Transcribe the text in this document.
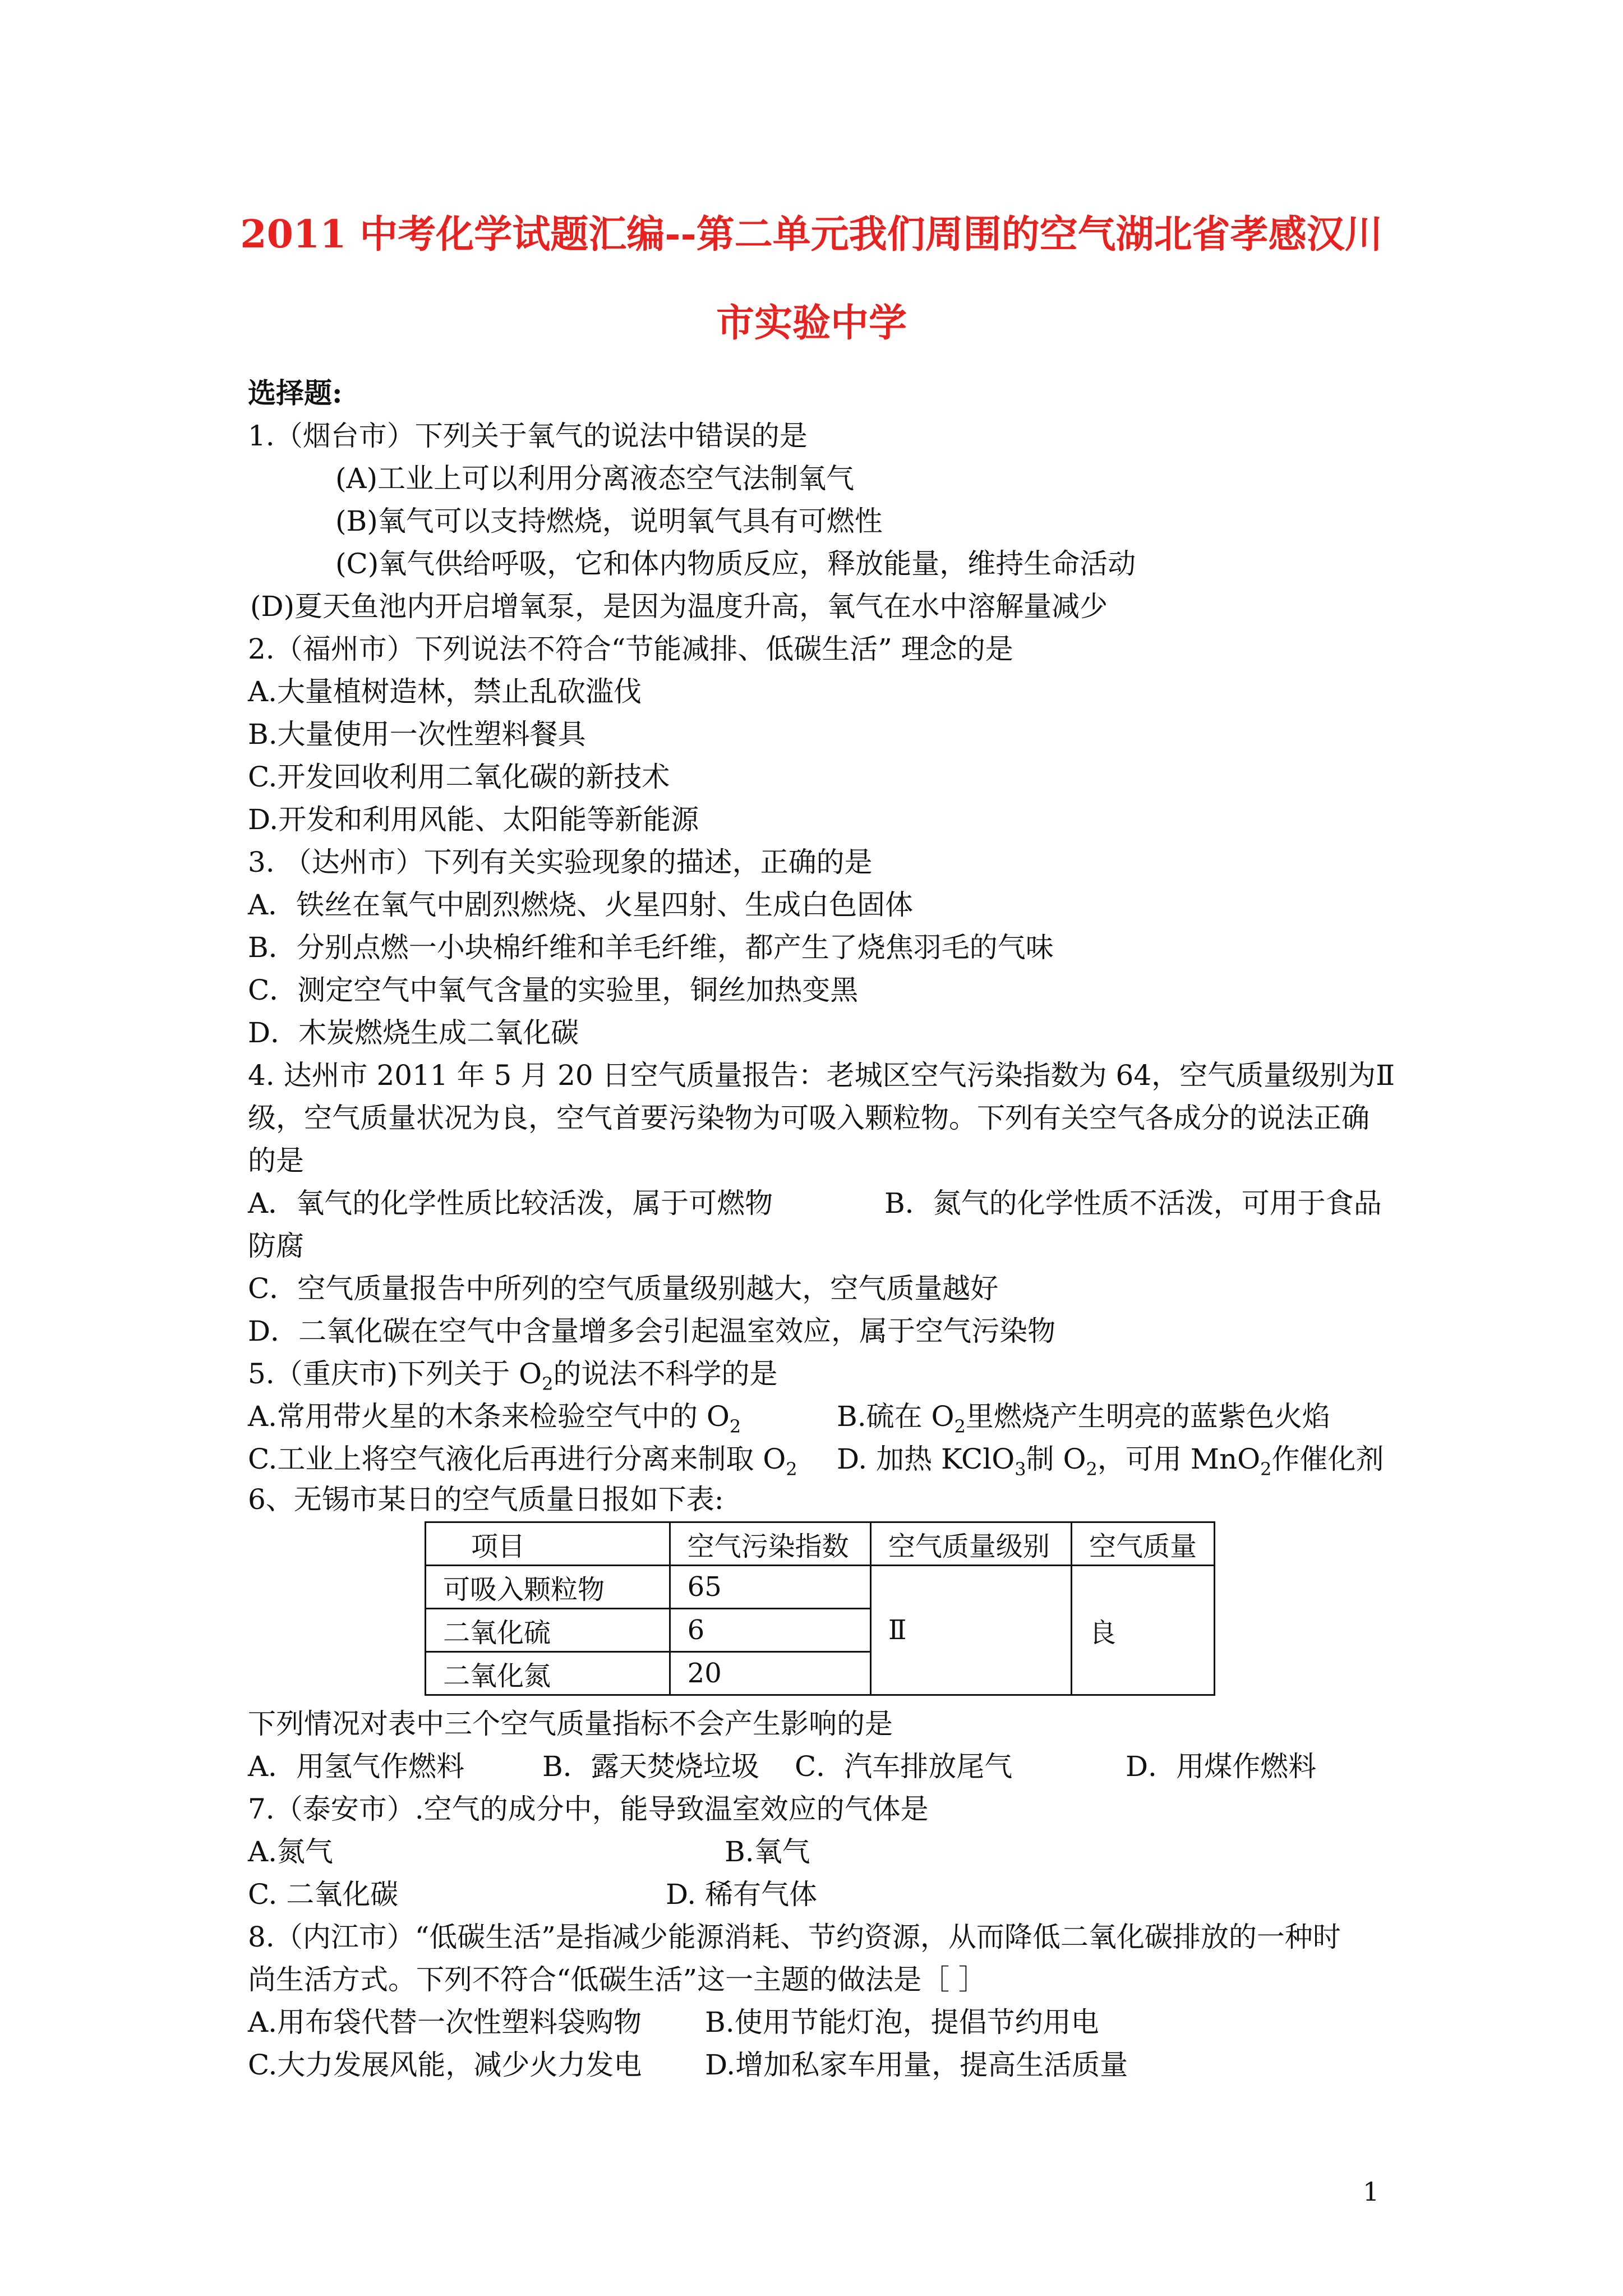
2011 中考化学试题汇编--第二单元我们周围的空气湖北省孝感汉川
市实验中学
选择题:
1.（烟台市）下列关于氧气的说法中错误的是
(A)工业上可以利用分离液态空气法制氧气
(B)氧气可以支持燃烧，说明氧气具有可燃性
(C)氧气供给呼吸，它和体内物质反应，释放能量，维持生命活动
(D)夏天鱼池内开启增氧泵，是因为温度升高，氧气在水中溶解量减少
2.（福州市）下列说法不符合“节能减排、低碳生活” 理念的是
A.大量植树造林，禁止乱砍滥伐
B.大量使用一次性塑料餐具
C.开发回收利用二氧化碳的新技术
D.开发和利用风能、太阳能等新能源
3. （达州市）下列有关实验现象的描述，正确的是
A．铁丝在氧气中剧烈燃烧、火星四射、生成白色固体
B．分别点燃一小块棉纤维和羊毛纤维，都产生了烧焦羽毛的气味
C．测定空气中氧气含量的实验里，铜丝加热变黑
D．木炭燃烧生成二氧化碳
4. 达州市 2011 年 5 月 20 日空气质量报告：老城区空气污染指数为 64，空气质量级别为Ⅱ
级，空气质量状况为良，空气首要污染物为可吸入颗粒物。下列有关空气各成分的说法正确
的是
A．氧气的化学性质比较活泼，属于可燃物	B．氮气的化学性质不活泼，可用于食品
防腐
C．空气质量报告中所列的空气质量级别越大，空气质量越好
D．二氧化碳在空气中含量增多会引起温室效应，属于空气污染物
5.（重庆市)下列关于 $O_2$的说法不科学的是
A.常用带火星的木条来检验空气中的 $O_2$	B.硫在 $O_2$里燃烧产生明亮的蓝紫色火焰
C.工业上将空气液化后再进行分离来制取 $O_2$ D. 加热 KClO$_3$制 $O_2$，可用 MnO$_2$作催化剂
6、无锡市某日的空气质量日报如下表:
项目	空气污染指数	空气质量级别	空气质量
可吸入颗粒物	65	Ⅱ	良
二氧化硫	6		
二氧化氮	20		
下列情况对表中三个空气质量指标不会产生影响的是
A．用氢气作燃料	B．露天焚烧垃圾 C．汽车排放尾气	D．用煤作燃料
7.（泰安市）.空气的成分中，能导致温室效应的气体是
A.氮气	B.氧气
C. 二氧化碳	D. 稀有气体
8.（内江市）“低碳生活”是指减少能源消耗、节约资源，从而降低二氧化碳排放的一种时
尚生活方式。下列不符合“低碳生活”这一主题的做法是［ ］
A.用布袋代替一次性塑料袋购物 B.使用节能灯泡，提倡节约用电
C.大力发展风能，减少火力发电 D.增加私家车用量，提高生活质量
1
